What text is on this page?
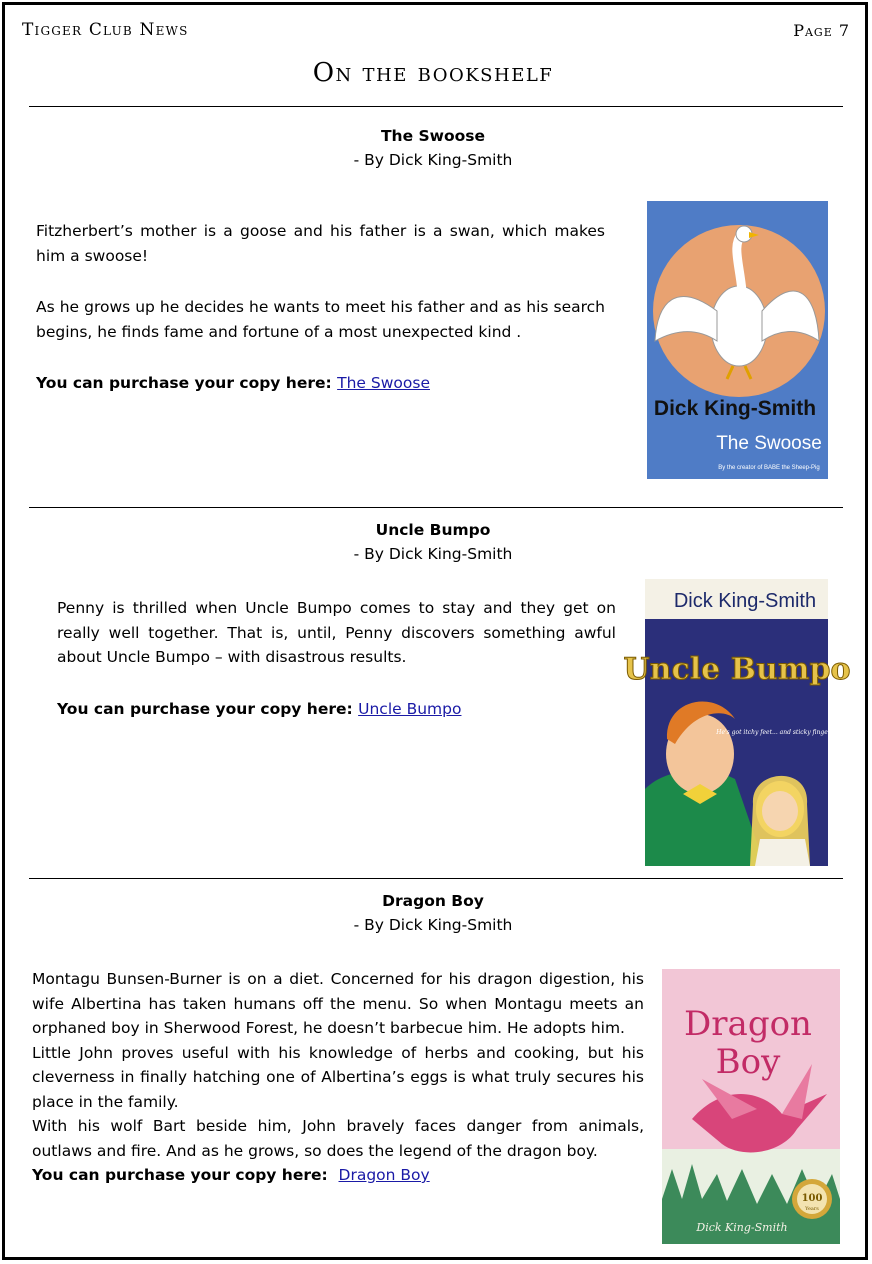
Tigger Club News	Page 7
On the bookshelf
The Swoose
- By Dick King-Smith

Fitzherbert’s mother is a goose and his father is a swan, which makes him a swoose!

As he grows up he decides he wants to meet his father and as his search begins, he finds fame and fortune of a most unexpected kind .

You can purchase your copy here: The Swoose

Dick King-Smith
The Swoose
By the creator of BABE the Sheep-Pig
Uncle Bumpo
- By Dick King-Smith

Penny is thrilled when Uncle Bumpo comes to stay and they get on really well together. That is, until, Penny discovers something awful about Uncle Bumpo – with disastrous results.

You can purchase your copy here: Uncle Bumpo

Dick King-Smith
Uncle Bumpo
He's got itchy feet... and sticky fingers
Dragon Boy
- By Dick King-Smith

Montagu Bunsen-Burner is on a diet. Concerned for his dragon digestion, his wife Albertina has taken humans off the menu. So when Montagu meets an orphaned boy in Sherwood Forest, he doesn’t barbecue him. He adopts him.

Little John proves useful with his knowledge of herbs and cooking, but his cleverness in finally hatching one of Albertina’s eggs is what truly secures his place in the family.

With his wolf Bart beside him, John bravely faces danger from animals, outlaws and fire. And as he grows, so does the legend of the dragon boy.

You can purchase your copy here: Dragon Boy

Dragon
Boy
100
Years
Dick King-Smith
